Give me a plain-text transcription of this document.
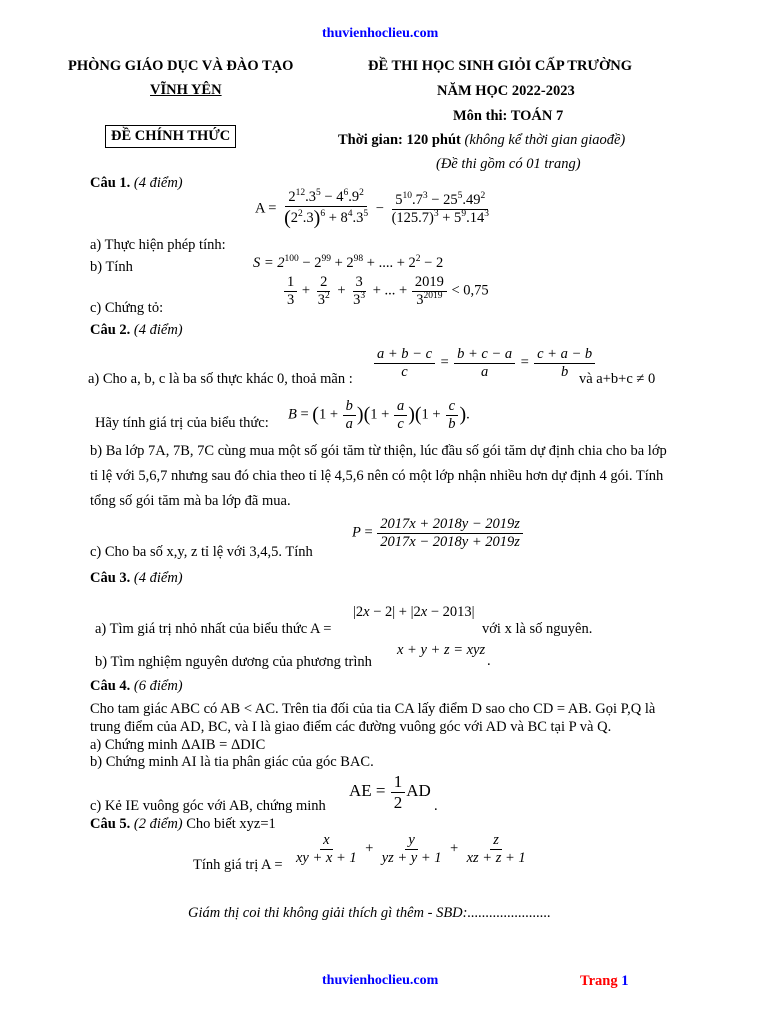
thuvienhoclieu.com
PHÒNG GIÁO DỤC VÀ ĐÀO TẠO
VĨNH YÊN
ĐỀ CHÍNH THỨC
ĐỀ THI HỌC SINH GIỎI CẤP TRƯỜNG
NĂM HỌC 2022-2023
Môn thi: TOÁN 7
Thời gian: 120 phút (không kể thời gian giaođề)
(Đề thi gồm có 01 trang)
Câu 1. (4 điểm)
$A = \frac{2^{12}.3^5 - 4^6.9^2}{(2^2.3)^6 + 8^4.3^5} - \frac{5^{10}.7^3 - 25^5.49^2}{(125.7)^3 + 5^9.14^3}$
a) Thực hiện phép tính:
b) Tính	$S = 2^{100} - 2^{99} + 2^{98}$ + .... + $2^2 - 2$
c) Chứng tỏ:	$\frac{1}{3} + \frac{2}{3^2} + \frac{3}{3^3}$ + ... + $\frac{2019}{3^{2019}} < 0,75$
Câu 2. (4 điểm)
a) Cho a, b, c là ba số thực khác 0, thoả mãn : $\frac{a + b - c}{c} = \frac{b + c - a}{a} = \frac{c + a - b}{b}$
và a+b+c ≠ 0
Hãy tính giá trị của biểu thức:
$B = (1 + \frac{b}{a} )(1 + \frac{a}{c} )(1 + \frac{c}{b}$ ).
b) Ba lớp 7A, 7B, 7C cùng mua một số gói tăm từ thiện, lúc đầu số gói tăm dự định chia cho ba lớp
tỉ lệ với 5,6,7 nhưng sau đó chia theo tỉ lệ 4,5,6 nên có một lớp nhận nhiều hơn dự định 4 gói. Tính
tổng số gói tăm mà ba lớp đã mua.
c) Cho ba số x,y, z tỉ lệ với 3,4,5. Tính
$P = \frac{2017x + 2018y - 2019z}{2017x - 2018y + 2019z}$
Câu 3. (4 điểm)
a) Tìm giá trị nhỏ nhất của biểu thức A =
|2x − 2| + |2x − 2013|
với x là số nguyên.
b) Tìm nghiệm nguyên dương của phương trình
x + y + z = xyz
.
Câu 4. (6 điểm)
Cho tam giác ABC có AB < AC. Trên tia đối của tia CA lấy điểm D sao cho CD = AB. Gọi P,Q là
trung điểm của AD, BC, và I là giao điểm các đường vuông góc với AD và BC tại P và Q.
a) Chứng minh ΔAIB = ΔDIC
b) Chứng minh AI là tia phân giác của góc BAC.
c) Kẻ IE vuông góc với AB, chứng minh
AE = $\frac{1}{2}$ AD
.
Câu 5. (2 điểm) Cho biết xyz=1
Tính giá trị $A = \frac{x}{xy + x + 1} + \frac{y}{yz + y + 1} + \frac{z}{xz + z + 1}$
Giám thị coi thi không giải thích gì thêm - SBD:.......................
thuvienhoclieu.com	Trang 1
